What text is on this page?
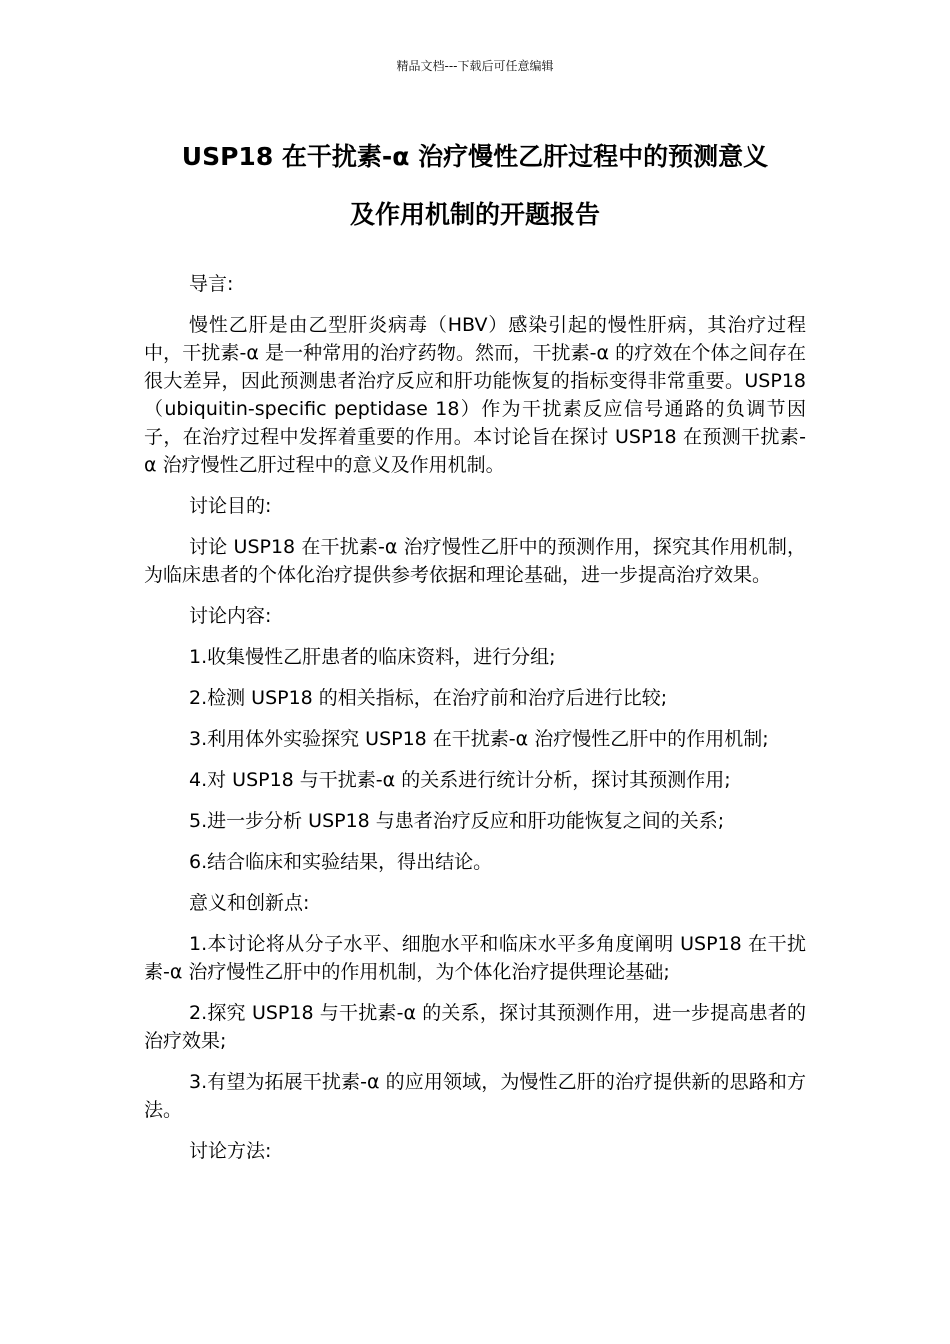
精品文档---下载后可任意编辑
USP18 在干扰素-α 治疗慢性乙肝过程中的预测意义
及作用机制的开题报告

导言:

慢性乙肝是由乙型肝炎病毒（HBV）感染引起的慢性肝病，其治疗过程中，干扰素-α 是一种常用的治疗药物。然而，干扰素-α 的疗效在个体之间存在很大差异，因此预测患者治疗反应和肝功能恢复的指标变得非常重要。USP18（ubiquitin-specific peptidase 18）作为干扰素反应信号通路的负调节因子，在治疗过程中发挥着重要的作用。本讨论旨在探讨 USP18 在预测干扰素-α 治疗慢性乙肝过程中的意义及作用机制。

讨论目的:

讨论 USP18 在干扰素-α 治疗慢性乙肝中的预测作用，探究其作用机制，为临床患者的个体化治疗提供参考依据和理论基础，进一步提高治疗效果。

讨论内容:

1.收集慢性乙肝患者的临床资料，进行分组;

2.检测 USP18 的相关指标，在治疗前和治疗后进行比较;

3.利用体外实验探究 USP18 在干扰素-α 治疗慢性乙肝中的作用机制;

4.对 USP18 与干扰素-α 的关系进行统计分析，探讨其预测作用;

5.进一步分析 USP18 与患者治疗反应和肝功能恢复之间的关系;

6.结合临床和实验结果，得出结论。

意义和创新点:

1.本讨论将从分子水平、细胞水平和临床水平多角度阐明 USP18 在干扰素-α 治疗慢性乙肝中的作用机制，为个体化治疗提供理论基础;

2.探究 USP18 与干扰素-α 的关系，探讨其预测作用，进一步提高患者的治疗效果;

3.有望为拓展干扰素-α 的应用领域，为慢性乙肝的治疗提供新的思路和方法。

讨论方法:
